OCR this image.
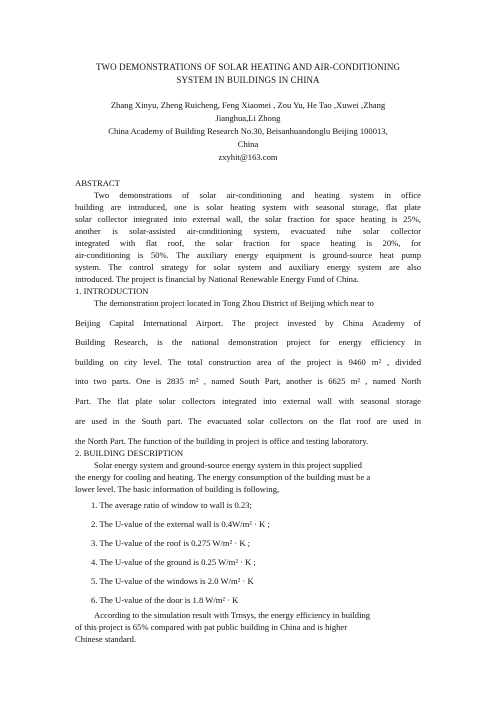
TWO DEMONSTRATIONS OF SOLAR HEATING AND AIR-CONDITIONING
SYSTEM IN BUILDINGS IN CHINA
Zhang Xinyu, Zheng Ruicheng, Feng Xiaomei , Zou Yu, He Tao ,Xuwei ,Zhang
Jianghua,Li Zhong
China Academy of Building Research No.30, Beisanhuandonglu Beijing 100013,
China
zxyhit@163.com
ABSTRACT
Two demonstrations of solar air-conditioning and heating system in office
building are introduced, one is solar heating system with seasonal storage, flat plate
solar collector integrated into external wall, the solar fraction for space heating is 25%,
another is solar-assisted air-conditioning system, evacuated tube solar collector
integrated with flat roof, the solar fraction for space heating is 20%, for
air-conditioning is 50%. The auxiliary energy equipment is ground-source heat pump
system. The control strategy for solar system and auxiliary energy system are also
introduced. The project is financial by National Renewable Energy Fund of China.
1. INTRODUCTION
The demonstration project located in Tong Zhou District of Beijing which near to
Beijing Capital International Airport. The project invested by China Academy of
Building Research, is the national demonstration project for energy efficiency in
building on city level. The total construction area of the project is 9460 m² , divided
into two parts. One is 2835 m² , named South Part, another is 6625 m² , named North
Part. The flat plate solar collectors integrated into external wall with seasonal storage
are used in the South part. The evacuated solar collectors on the flat roof are used in
the North Part. The function of the building in project is office and testing laboratory.
2. BUILDING DESCRIPTION
Solar energy system and ground-source energy system in this project supplied
the energy for cooling and heating. The energy consumption of the building must be a
lower level. The basic information of building is following,
1. The average ratio of window to wall is 0.23;
2. The U-value of the external wall is 0.4W/m² · K ;
3. The U-value of the roof is 0.275 W/m² · K ;
4. The U-value of the ground is 0.25 W/m² · K ;
5. The U-value of the windows is 2.0 W/m² · K
6. The U-value of the door is 1.8 W/m² · K
According to the simulation result with Trnsys, the energy efficiency in building
of this project is 65% compared with pat public building in China and is higher
Chinese standard.
